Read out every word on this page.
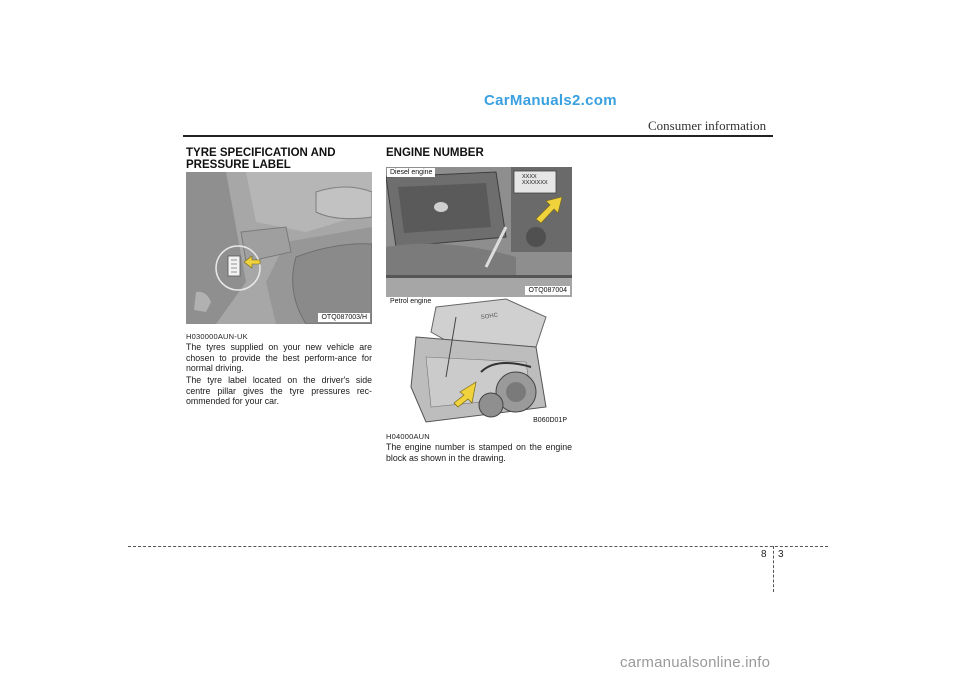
CarManuals2.com
Consumer information
TYRE SPECIFICATION AND
PRESSURE LABEL
OTQ087003/H
H030000AUN-UK
The tyres supplied on your new vehicle are chosen to provide the best perform-ance for normal driving.
The tyre label located on the driver's side centre pillar gives the tyre pressures rec-ommended for your car.
ENGINE NUMBER
Diesel engine
XXXX
XXXXXXX
OTQ087004
SOHC
Petrol engine
B060D01P
H04000AUN
The engine number is stamped on the engine block as shown in the drawing.
8 3
carmanualsonline.info
